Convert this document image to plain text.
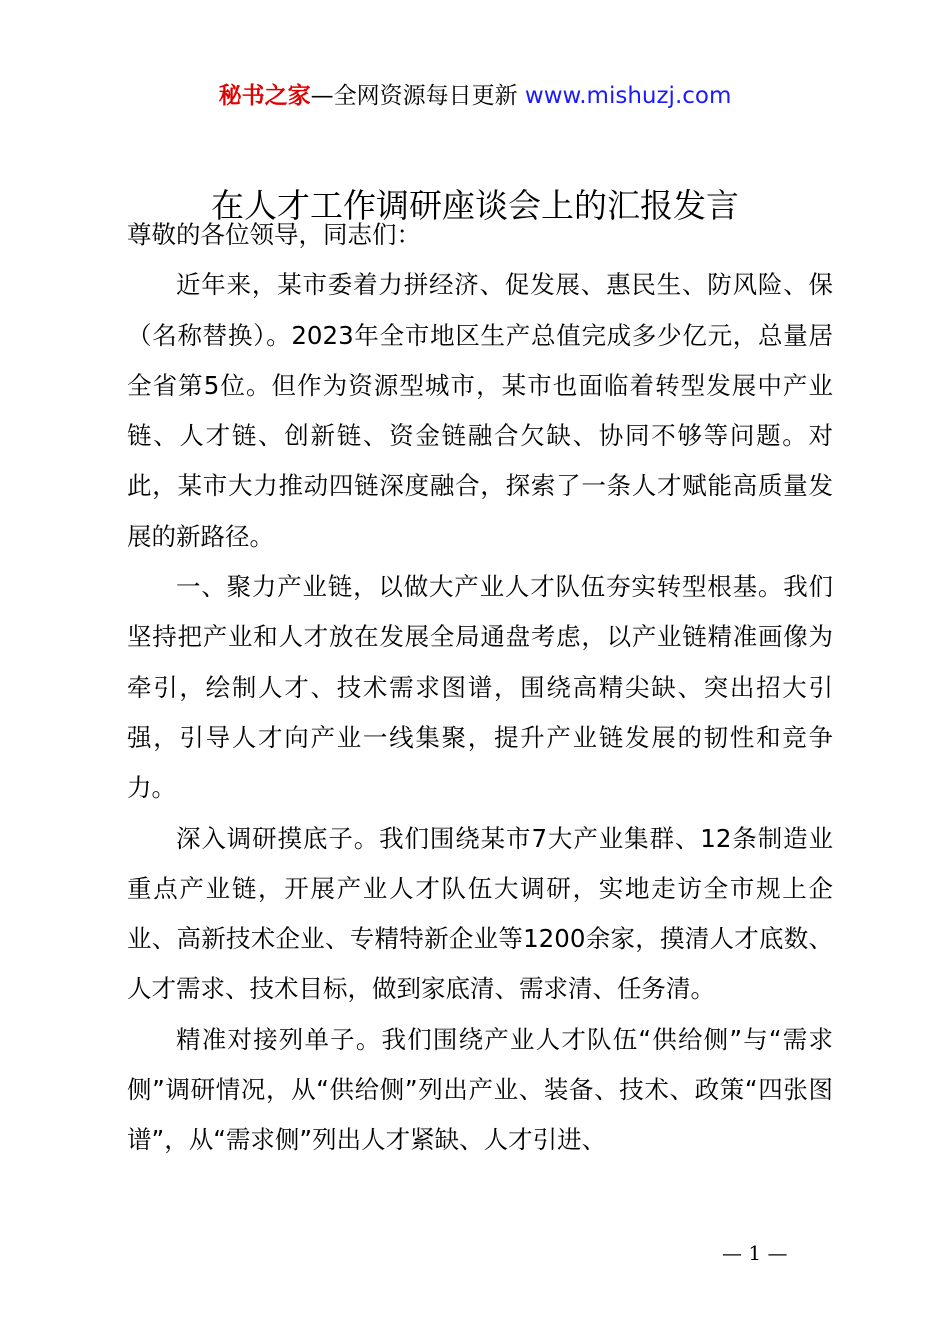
秘书之家—全网资源每日更新 www.mishuzj.com
在人才工作调研座谈会上的汇报发言

尊敬的各位领导，同志们：

近年来，某市委着力拼经济、促发展、惠民生、防风险、保（名称替换）。2023年全市地区生产总值完成多少亿元，总量居全省第5位。但作为资源型城市，某市也面临着转型发展中产业链、人才链、创新链、资金链融合欠缺、协同不够等问题。对此，某市大力推动四链深度融合，探索了一条人才赋能高质量发展的新路径。

一、聚力产业链，以做大产业人才队伍夯实转型根基。我们坚持把产业和人才放在发展全局通盘考虑，以产业链精准画像为牵引，绘制人才、技术需求图谱，围绕高精尖缺、突出招大引强，引导人才向产业一线集聚，提升产业链发展的韧性和竞争力。

深入调研摸底子。我们围绕某市7大产业集群、12条制造业重点产业链，开展产业人才队伍大调研，实地走访全市规上企业、高新技术企业、专精特新企业等1200余家，摸清人才底数、人才需求、技术目标，做到家底清、需求清、任务清。

精准对接列单子。我们围绕产业人才队伍“供给侧”与“需求侧”调研情况，从“供给侧”列出产业、装备、技术、政策“四张图谱”，从“需求侧”列出人才紧缺、人才引进、

— 1 —
